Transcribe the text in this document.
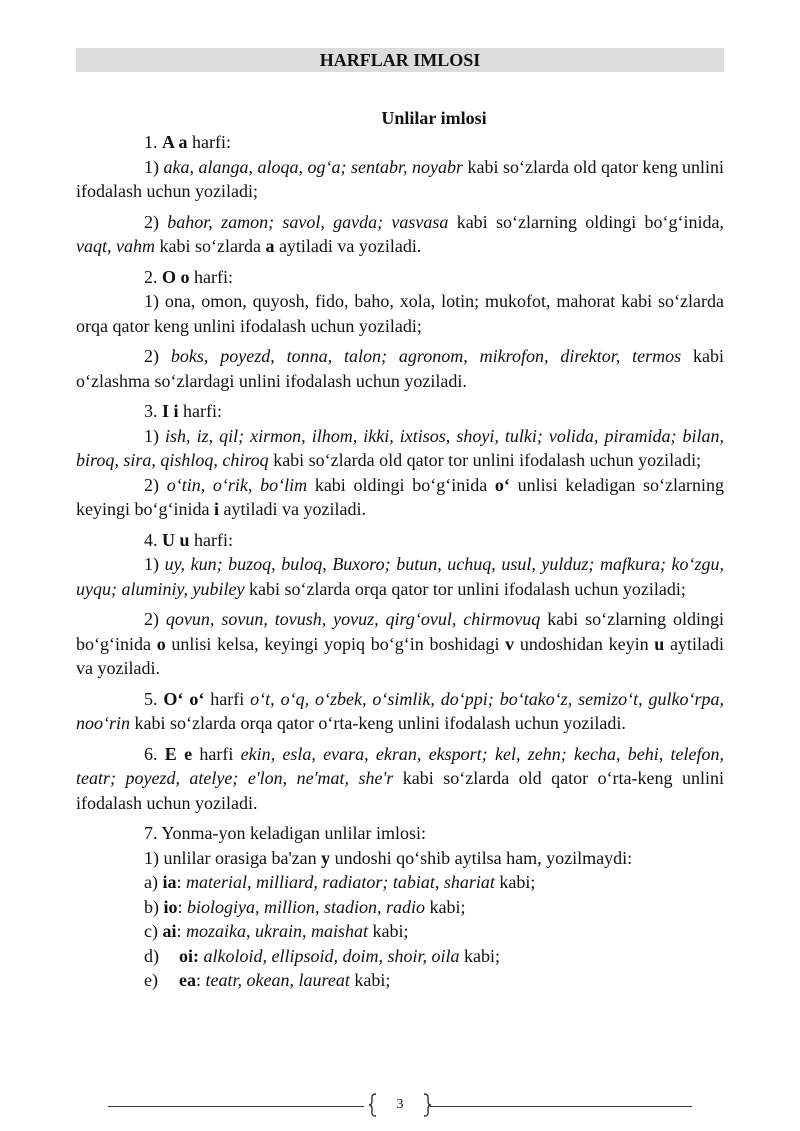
HARFLAR IMLOSI
Unlilar imlosi

1. A a harfi:

1) aka, alanga, aloqa, og‘a; sentabr, noyabr kabi so‘zlarda old qator keng unlini ifodalash uchun yoziladi;

2) bahor, zamon; savol, gavda; vasvasa kabi so‘zlarning oldingi bo‘g‘inida, vaqt, vahm kabi so‘zlarda a aytiladi va yoziladi.

2. O o harfi:

1) ona, omon, quyosh, fido, baho, xola, lotin; mukofot, mahorat kabi so‘zlarda orqa qator keng unlini ifodalash uchun yoziladi;

2) boks, poyezd, tonna, talon; agronom, mikrofon, direktor, termos kabi o‘zlashma so‘zlardagi unlini ifodalash uchun yoziladi.

3. I i harfi:

1) ish, iz, qil; xirmon, ilhom, ikki, ixtisos, shoyi, tulki; volida, piramida; bilan, biroq, sira, qishloq, chiroq kabi so‘zlarda old qator tor unlini ifodalash uchun yoziladi;

2) o‘tin, o‘rik, bo‘lim kabi oldingi bo‘g‘inida o‘ unlisi keladigan so‘zlarning keyingi bo‘g‘inida i aytiladi va yoziladi.

4. U u harfi:

1) uy, kun; buzoq, buloq, Buxoro; butun, uchuq, usul, yulduz; mafkura; ko‘zgu, uyqu; aluminiy, yubiley kabi so‘zlarda orqa qator tor unlini ifodalash uchun yoziladi;

2) qovun, sovun, tovush, yovuz, qirg‘ovul, chirmovuq kabi so‘zlarning oldingi bo‘g‘inida o unlisi kelsa, keyingi yopiq bo‘g‘in boshidagi v undoshidan keyin u aytiladi va yoziladi.

5. O‘ o‘ harfi o‘t, o‘q, o‘zbek, o‘simlik, do‘ppi; bo‘tako‘z, semizo‘t, gulko‘rpa, noo‘rin kabi so‘zlarda orqa qator o‘rta-keng unlini ifodalash uchun yoziladi.

6. E e harfi ekin, esla, evara, ekran, eksport; kel, zehn; kecha, behi, telefon, teatr; poyezd, atelye; e'lon, ne'mat, she'r kabi so‘zlarda old qator o‘rta-keng unlini ifodalash uchun yoziladi.

7. Yonma-yon keladigan unlilar imlosi:

1) unlilar orasiga ba'zan y undoshi qo‘shib aytilsa ham, yozilmaydi:

a) ia: material, milliard, radiator; tabiat, shariat kabi;

b) io: biologiya, million, stadion, radio kabi;

c) ai: mozaika, ukrain, maishat kabi;

d) oi: alkoloid, ellipsoid, doim, shoir, oila kabi;

e) ea: teatr, okean, laureat kabi;

3
